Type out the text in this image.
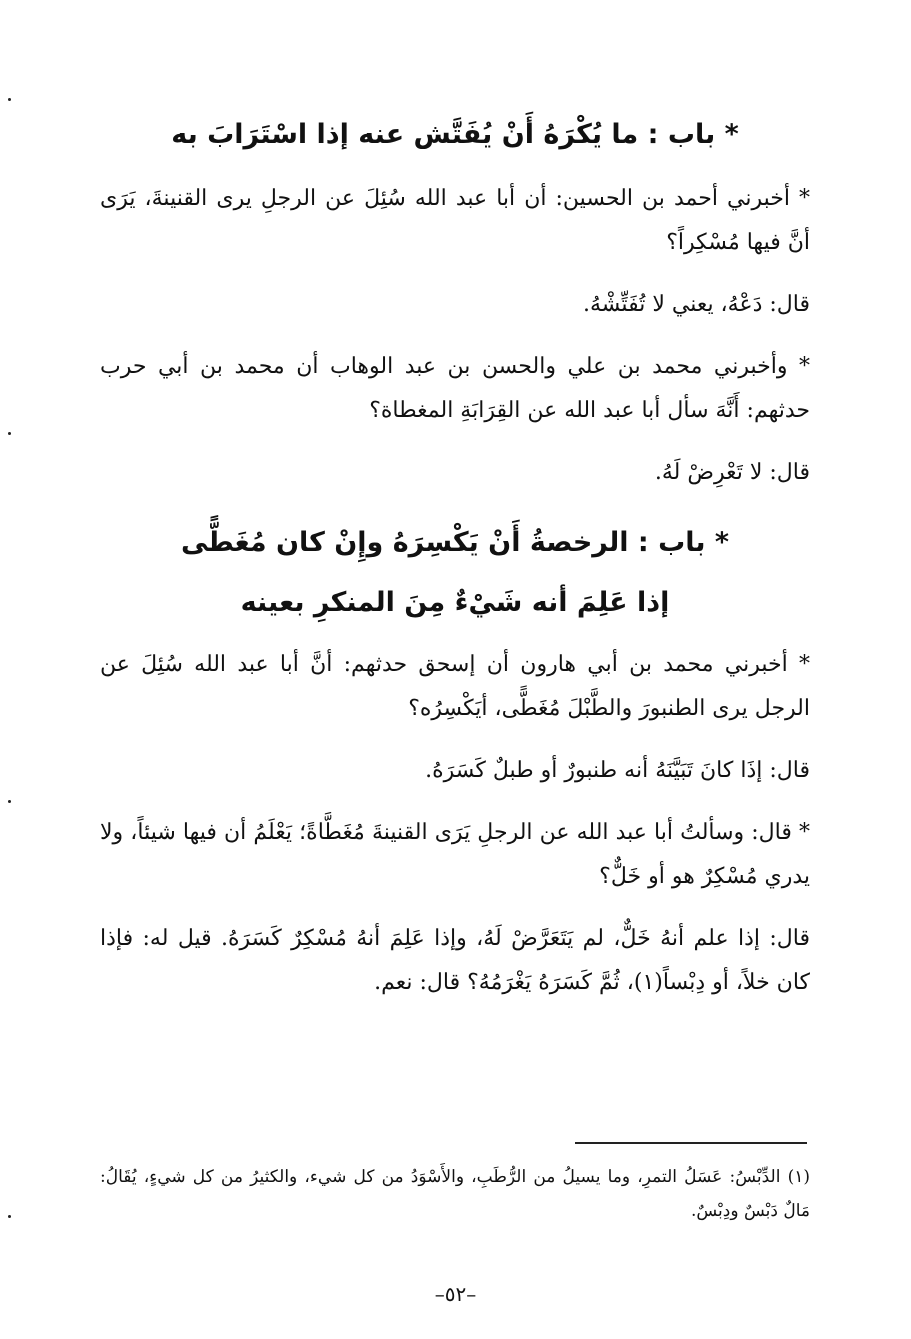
* باب : ما يُكْرَهُ أَنْ يُفَتَّش عنه إذا اسْتَرَابَ به

* أخبرني أحمد بن الحسين: أن أبا عبد الله سُئِلَ عن الرجلِ يرى القنينةَ، يَرَى أنَّ فيها مُسْكِراً؟

قال: دَعْهُ، يعني لا تُفَتِّشْهُ.

* وأخبرني محمد بن علي والحسن بن عبد الوهاب أن محمد بن أبي حرب حدثهم: أَنَّهَ سأل أبا عبد الله عن القِرَابَةِ المغطاة؟

قال: لا تَعْرِضْ لَهُ.

* باب : الرخصةُ أَنْ يَكْسِرَهُ وإِنْ كان مُغَطًّى

إذا عَلِمَ أنه شَيْءٌ مِنَ المنكرِ بعينه

* أخبرني محمد بن أبي هارون أن إسحق حدثهم: أنَّ أبا عبد الله سُئِلَ عن الرجل يرى الطنبورَ والطَّبْلَ مُغَطًّى، أيَكْسِرُه؟

قال: إذَا كانَ تَبَيَّنَهُ أنه طنبورٌ أو طبلٌ كَسَرَهُ.

* قال: وسألتُ أبا عبد الله عن الرجلِ يَرَى القنينةَ مُغَطَّاةً؛ يَعْلَمُ أن فيها شيئاً، ولا يدري مُسْكِرٌ هو أو خَلٌّ؟

قال: إذا علم أنهُ خَلٌّ، لم يَتَعَرَّضْ لَهُ، وإذا عَلِمَ أنهُ مُسْكِرٌ كَسَرَهُ. قيل له: فإذا كان خلاً، أو دِبْساً(١)، ثُمَّ كَسَرَهُ يَغْرَمُهُ؟ قال: نعم.

(١) الدِّبْسُ: عَسَلُ التمرِ، وما يسيلُ من الرُّطَبِ، والأَسْوَدُ من كل شيء، والكثيرُ من كل شيءٍ، يُقَالُ: مَالٌ دَبْسٌ ودِبْسٌ.

–٥٢–
